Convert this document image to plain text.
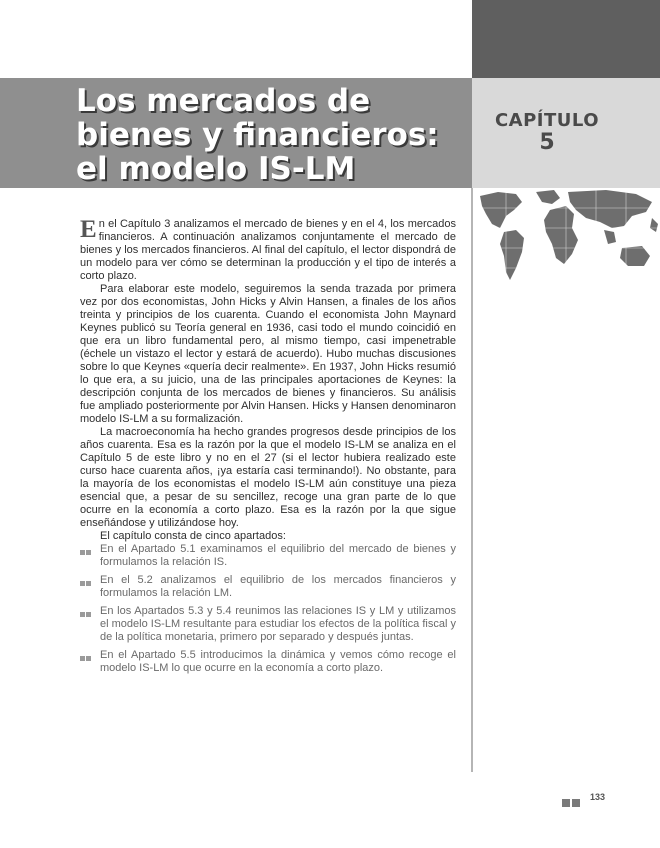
Los mercados de
bienes y financieros:
el modelo IS-LM
CAPÍTULO
5

En el Capítulo 3 analizamos el mercado de bienes y en el 4, los mercados financieros. A continuación analizamos conjuntamente el mercado de bienes y los mercados financieros. Al final del capítulo, el lector dispondrá de un modelo para ver cómo se determinan la producción y el tipo de interés a corto plazo.

Para elaborar este modelo, seguiremos la senda trazada por primera vez por dos economistas, John Hicks y Alvin Hansen, a finales de los años treinta y principios de los cuarenta. Cuando el economista John Maynard Keynes publicó su Teoría general en 1936, casi todo el mundo coincidió en que era un libro fundamental pero, al mismo tiempo, casi impenetrable (échele un vistazo el lector y estará de acuerdo). Hubo muchas discusiones sobre lo que Keynes «quería decir realmente». En 1937, John Hicks resumió lo que era, a su juicio, una de las principales aportaciones de Keynes: la descripción conjunta de los mercados de bienes y financieros. Su análisis fue ampliado posteriormente por Alvin Hansen. Hicks y Hansen denominaron modelo IS-LM a su formalización.

La macroeconomía ha hecho grandes progresos desde principios de los años cuarenta. Esa es la razón por la que el modelo IS-LM se analiza en el Capítulo 5 de este libro y no en el 27 (si el lector hubiera realizado este curso hace cuarenta años, ¡ya estaría casi terminando!). No obstante, para la mayoría de los economistas el modelo IS-LM aún constituye una pieza esencial que, a pesar de su sencillez, recoge una gran parte de lo que ocurre en la economía a corto plazo. Esa es la razón por la que sigue enseñándose y utilizándose hoy.

El capítulo consta de cinco apartados:

En el Apartado 5.1 examinamos el equilibrio del mercado de bienes y formulamos la relación IS.
En el 5.2 analizamos el equilibrio de los mercados financieros y formulamos la relación LM.
En los Apartados 5.3 y 5.4 reunimos las relaciones IS y LM y utilizamos el modelo IS-LM resultante para estudiar los efectos de la política fiscal y de la política monetaria, primero por separado y después juntas.
En el Apartado 5.5 introducimos la dinámica y vemos cómo recoge el modelo IS-LM lo que ocurre en la economía a corto plazo.
133
